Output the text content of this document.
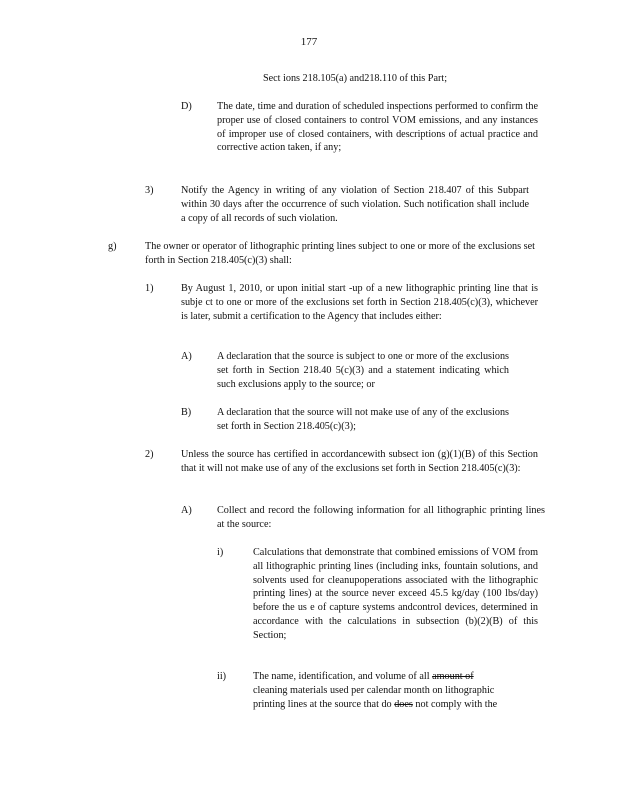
177
Sect ions 218.105(a) and218.110 of this Part;
D) The date, time and duration of scheduled inspections performed to confirm the proper use of closed containers to control VOM emissions, and any instances of improper use of closed containers, with descriptions of actual practice and corrective action taken, if any;
3)	Notify the Agency in writing of any violation of Section 218.407 of this Subpart within 30 days after the occurrence of such violation. Such notification shall include a copy of all records of such violation.
g)	The owner or operator of lithographic printing lines subject to one or more of the exclusions set forth in Section 218.405(c)(3) shall:
1)	By August 1, 2010, or upon initial start -up of a new lithographic printing line that is subje ct to one or more of the exclusions set forth in Section 218.405(c)(3), whichever is later, submit a certification to the Agency that includes either:
A) A declaration that the source is subject to one or more of the exclusions set forth in Section 218.40 5(c)(3) and a statement indicating which such exclusions apply to the source; or
B)	A declaration that the source will not make use of any of the exclusions set forth in Section 218.405(c)(3);
2)	Unless the source has certified in accordancewith subsect ion (g)(1)(B) of this Section that it will not make use of any of the exclusions set forth in Section 218.405(c)(3):
A) Collect and record the following information for all lithographic printing lines at the source:
i)	Calculations that demonstrate that combined emissions of VOM from all lithographic printing lines (including inks, fountain solutions, and solvents used for cleanupoperations associated with the lithographic printing lines) at the source never exceed 45.5 kg/day (100 lbs/day) before the us e of capture systems andcontrol devices, determined in accordance with the calculations in subsection (b)(2)(B) of this Section;
ii)	The name, identification, and volume of all amount of
cleaning materials used per calendar month on lithographic
printing lines at the source that do does not comply with the
